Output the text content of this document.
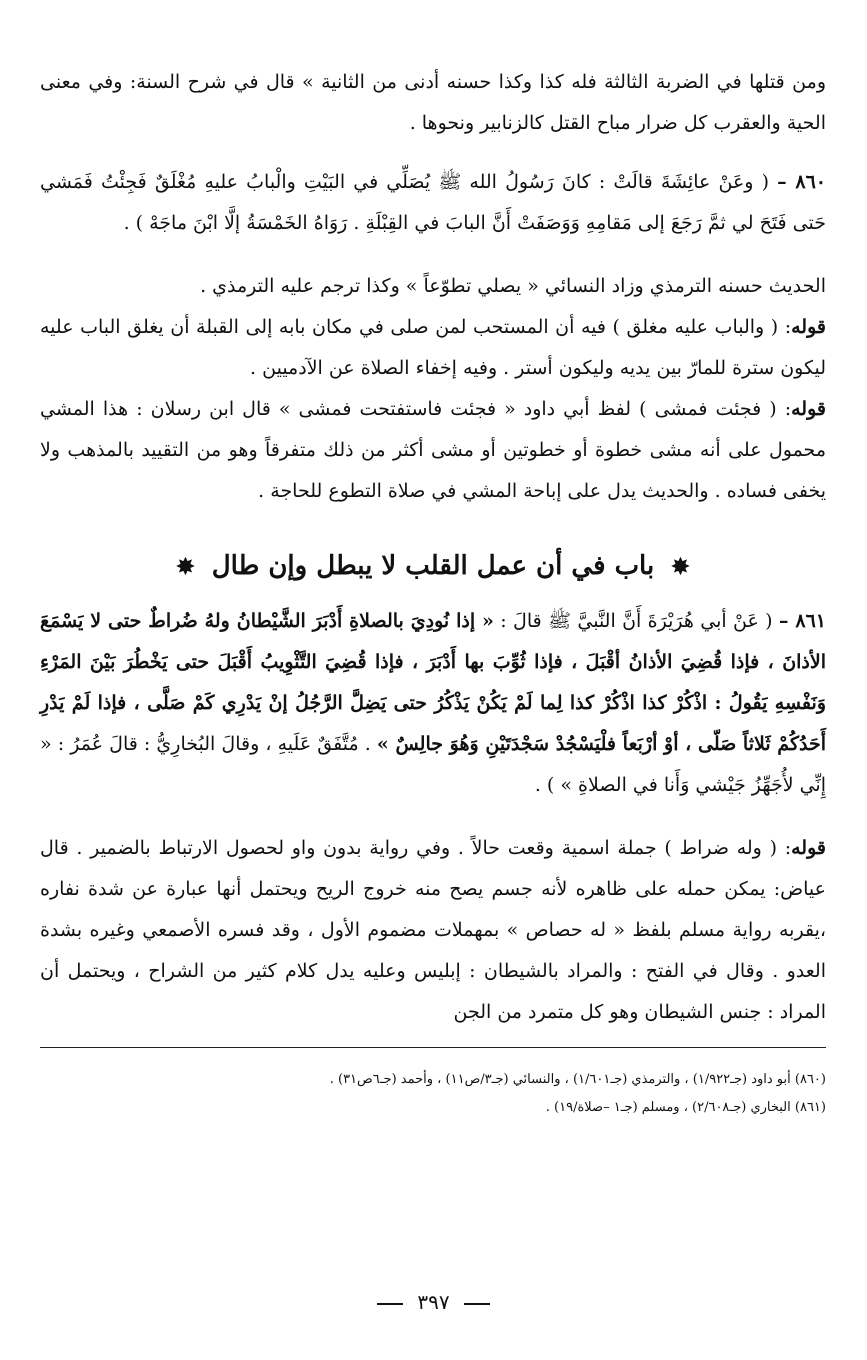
ومن قتلها في الضربة الثالثة فله كذا وكذا حسنه أدنى من الثانية » قال في شرح السنة: وفي معنى الحية والعقرب كل ضرار مباح القتل كالزنابير ونحوها .

٨٦٠ – ( وعَنْ عائِشَةَ قالَتْ : كانَ رَسُولُ الله ﷺ يُصَلِّي في البَيْتِ والْبابُ عليهِ مُغْلَقٌ فَجِئْتُ فَمَشي حَتى فَتَحَ لي ثمَّ رَجَعَ إلى مَقامِهِ وَوَصَفَتْ أَنَّ البابَ في القِبْلَةِ . رَوَاهُ الخَمْسَةُ إلَّا ابْنَ ماجَهْ ) .

الحديث حسنه الترمذي وزاد النسائي « يصلي تطوّعاً » وكذا ترجم عليه الترمذي .

قوله: ( والباب عليه مغلق ) فيه أن المستحب لمن صلى في مكان بابه إلى القبلة أن يغلق الباب عليه ليكون سترة للمارّ بين يديه وليكون أستر . وفيه إخفاء الصلاة عن الآدميين .

قوله: ( فجئت فمشى ) لفظ أبي داود « فجئت فاستفتحت فمشى » قال ابن رسلان : هذا المشي محمول على أنه مشى خطوة أو خطوتين أو مشى أكثر من ذلك متفرقاً وهو من التقييد بالمذهب ولا يخفى فساده . والحديث يدل على إباحة المشي في صلاة التطوع للحاجة .

✸ باب في أن عمل القلب لا يبطل وإن طال ✸

٨٦١ – ( عَنْ أبي هُرَيْرَةَ أَنَّ النَّبيَّ ﷺ قالَ : « إذا نُودِيَ بالصلاةِ أَدْبَرَ الشَّيْطانُ ولهُ ضُراطٌ حتى لا يَسْمَعَ الأذانَ ، فإذا قُضِيَ الأذانُ أقْبَلَ ، فإذا ثُوِّبَ بها أَدْبَرَ ، فإذا قُضِيَ التَّثْوِيبُ أَقْبَلَ حتى يَخْطُرَ بَيْنَ المَرْءِ وَنَفْسِهِ يَقُولُ : اذْكُرْ كذا اذْكُرْ كذا لِما لَمْ يَكُنْ يَذْكُرُ حتى يَضِلَّ الرَّجُلُ إنْ يَدْرِي كَمْ صَلَّى ، فإذا لَمْ يَدْرِ أَحَدُكُمْ ثَلاثاً صَلّى ، أوْ أرْبَعاً فلْيَسْجُدْ سَجْدَتَيْنِ وَهُوَ جالِسٌ » . مُتَّفَقٌ عَلَيهِ ، وقالَ البُخارِيُّ : قالَ عُمَرُ : « إِنِّي لأُجَهِّزُ جَيْشي وَأَنا في الصلاةِ » ) .

قوله: ( وله ضراط ) جملة اسمية وقعت حالاً . وفي رواية بدون واو لحصول الارتباط بالضمير . قال عياض: يمكن حمله على ظاهره لأنه جسم يصح منه خروج الريح ويحتمل أنها عبارة عن شدة نفاره ،يقربه رواية مسلم بلفظ « له حصاص » بمهملات مضموم الأول ، وقد فسره الأصمعي وغيره بشدة العدو . وقال في الفتح : والمراد بالشيطان : إبليس وعليه يدل كلام كثير من الشراح ، ويحتمل أن المراد : جنس الشيطان وهو كل متمرد من الجن

(٨٦٠) أبو داود (جـ١/٩٢٢) ، والترمذي (جـ١/٦٠١) ، والنسائي (جـ٣/ص١١) ، وأحمد (جـ٦ص٣١) .

(٨٦١) البخاري (جـ٢/٦٠٨) ، ومسلم (جـ١ –صلاة/١٩) .

٣٩٧
